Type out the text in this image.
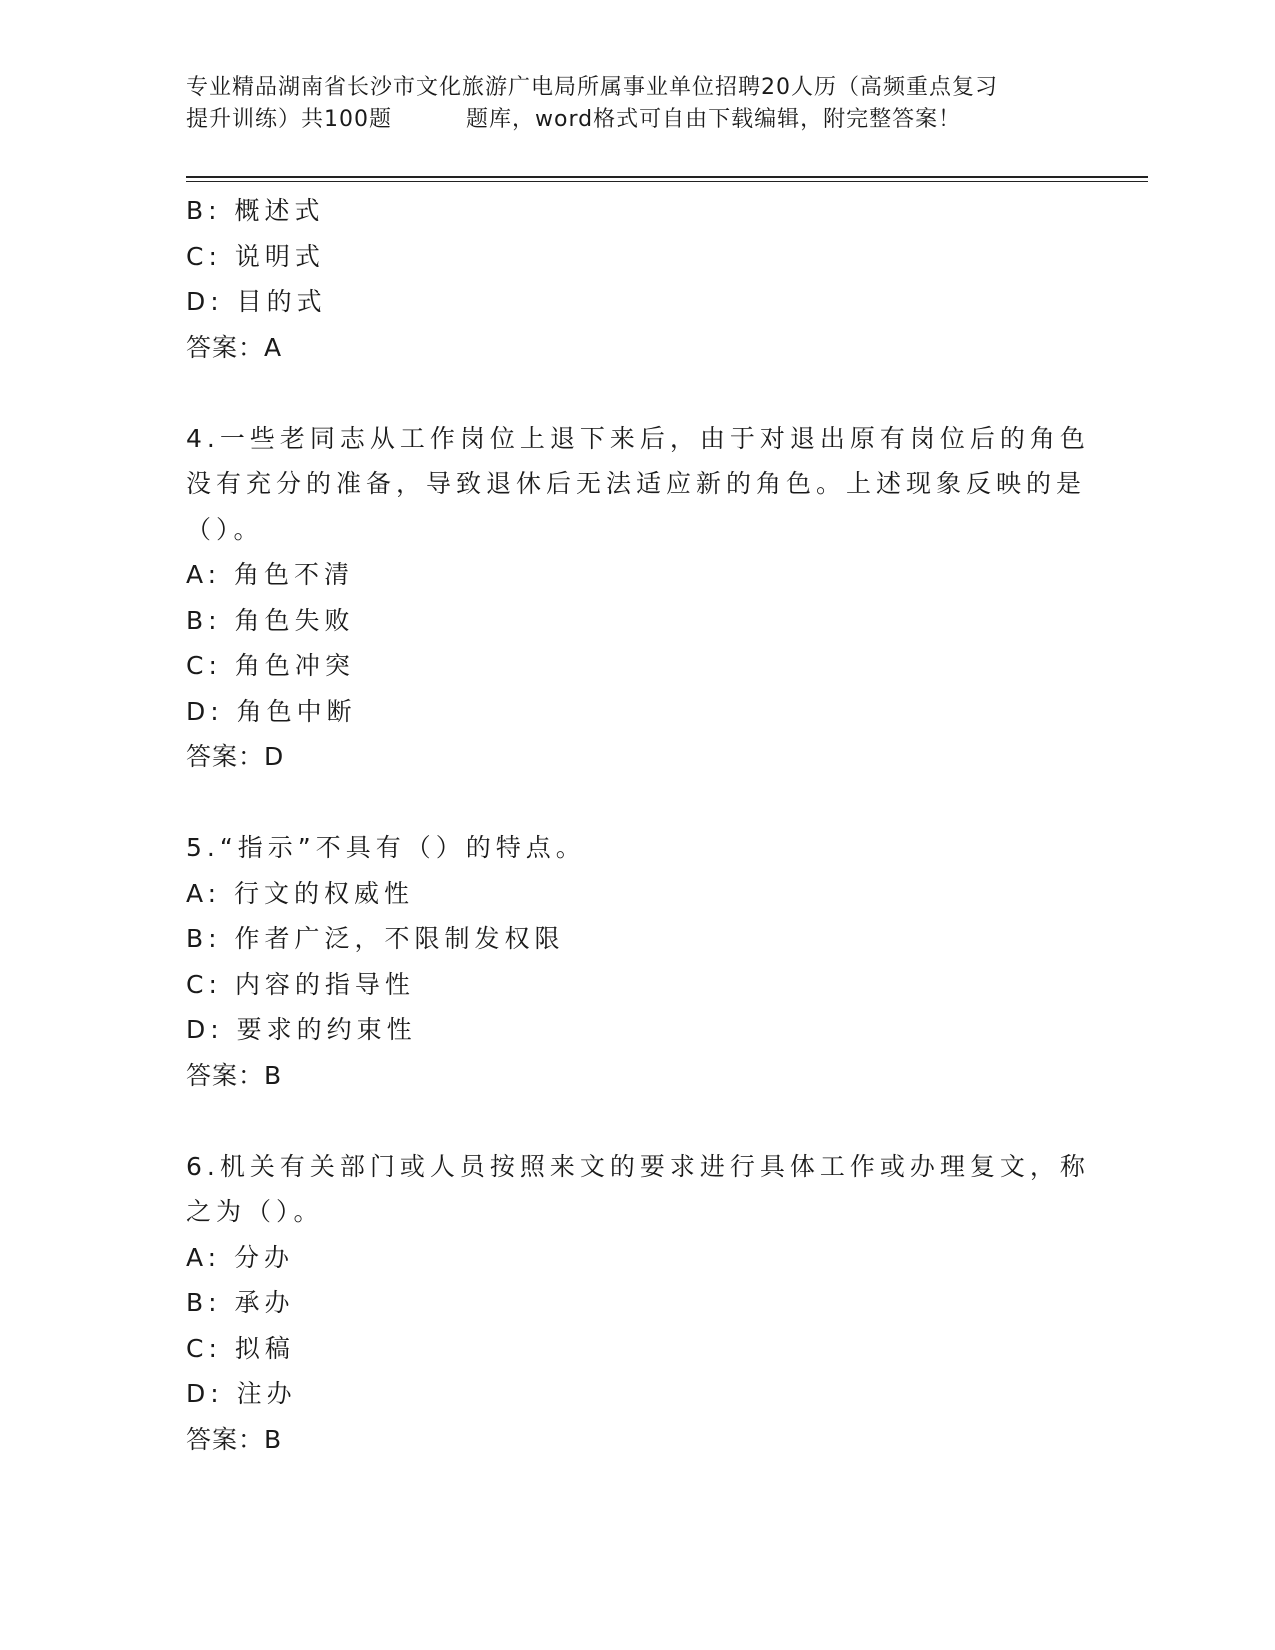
专业精品湖南省长沙市文化旅游广电局所属事业单位招聘20人历（高频重点复习
提升训练）共100题	题库，word格式可自由下载编辑，附完整答案！
B: 概述式
C: 说明式
D: 目的式
答案：A
4.一些老同志从工作岗位上退下来后，由于对退出原有岗位后的角色
没有充分的准备，导致退休后无法适应新的角色。上述现象反映的是
（）。
A: 角色不清
B: 角色失败
C: 角色冲突
D: 角色中断
答案：D
5.“指示”不具有（）的特点。
A: 行文的权威性
B: 作者广泛，不限制发权限
C: 内容的指导性
D: 要求的约束性
答案：B
6.机关有关部门或人员按照来文的要求进行具体工作或办理复文，称
之为（）。
A: 分办
B: 承办
C: 拟稿
D: 注办
答案：B
